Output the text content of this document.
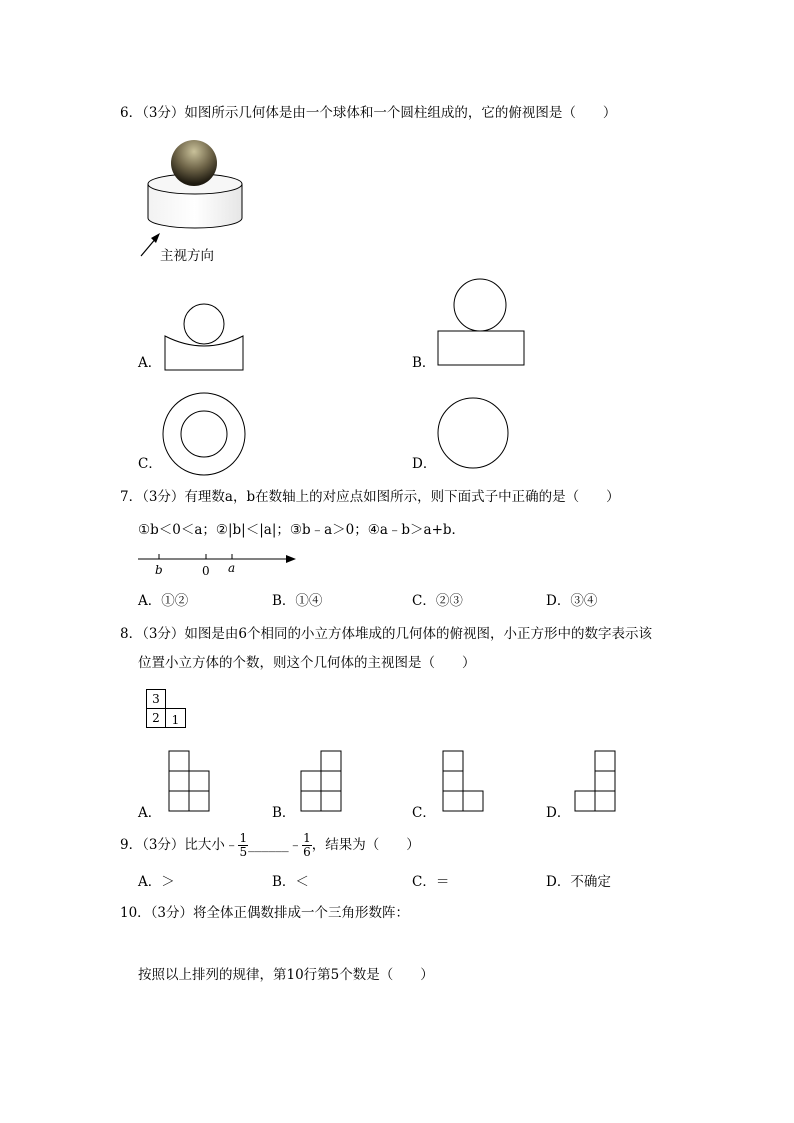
6．（3分）如图所示几何体是由一个球体和一个圆柱组成的，它的俯视图是（　　）
主视方向
A．	B．
C．	D．
7．（3分）有理数a，b在数轴上的对应点如图所示，则下面式子中正确的是（　　）
①b＜0＜a；②|b|＜|a|；③b﹣a＞0；④a﹣b＞a+b．
b	0 a
A．①②	B．①④	C．②③	D．③④
8．（3分）如图是由6个相同的小立方体堆成的几何体的俯视图，小正方形中的数字表示该
位置小立方体的个数，则这个几何体的主视图是（　　）
3
2 1
A．	B．	C．	D．
9．（3分）比大小﹣ $\frac{1}{5}$ ______﹣ $\frac{1}{6}$ ，结果为（　　）
A．＞	B．＜	C．＝	D．不确定
10．（3分）将全体正偶数排成一个三角形数阵：
按照以上排列的规律，第10行第5个数是（　　）
